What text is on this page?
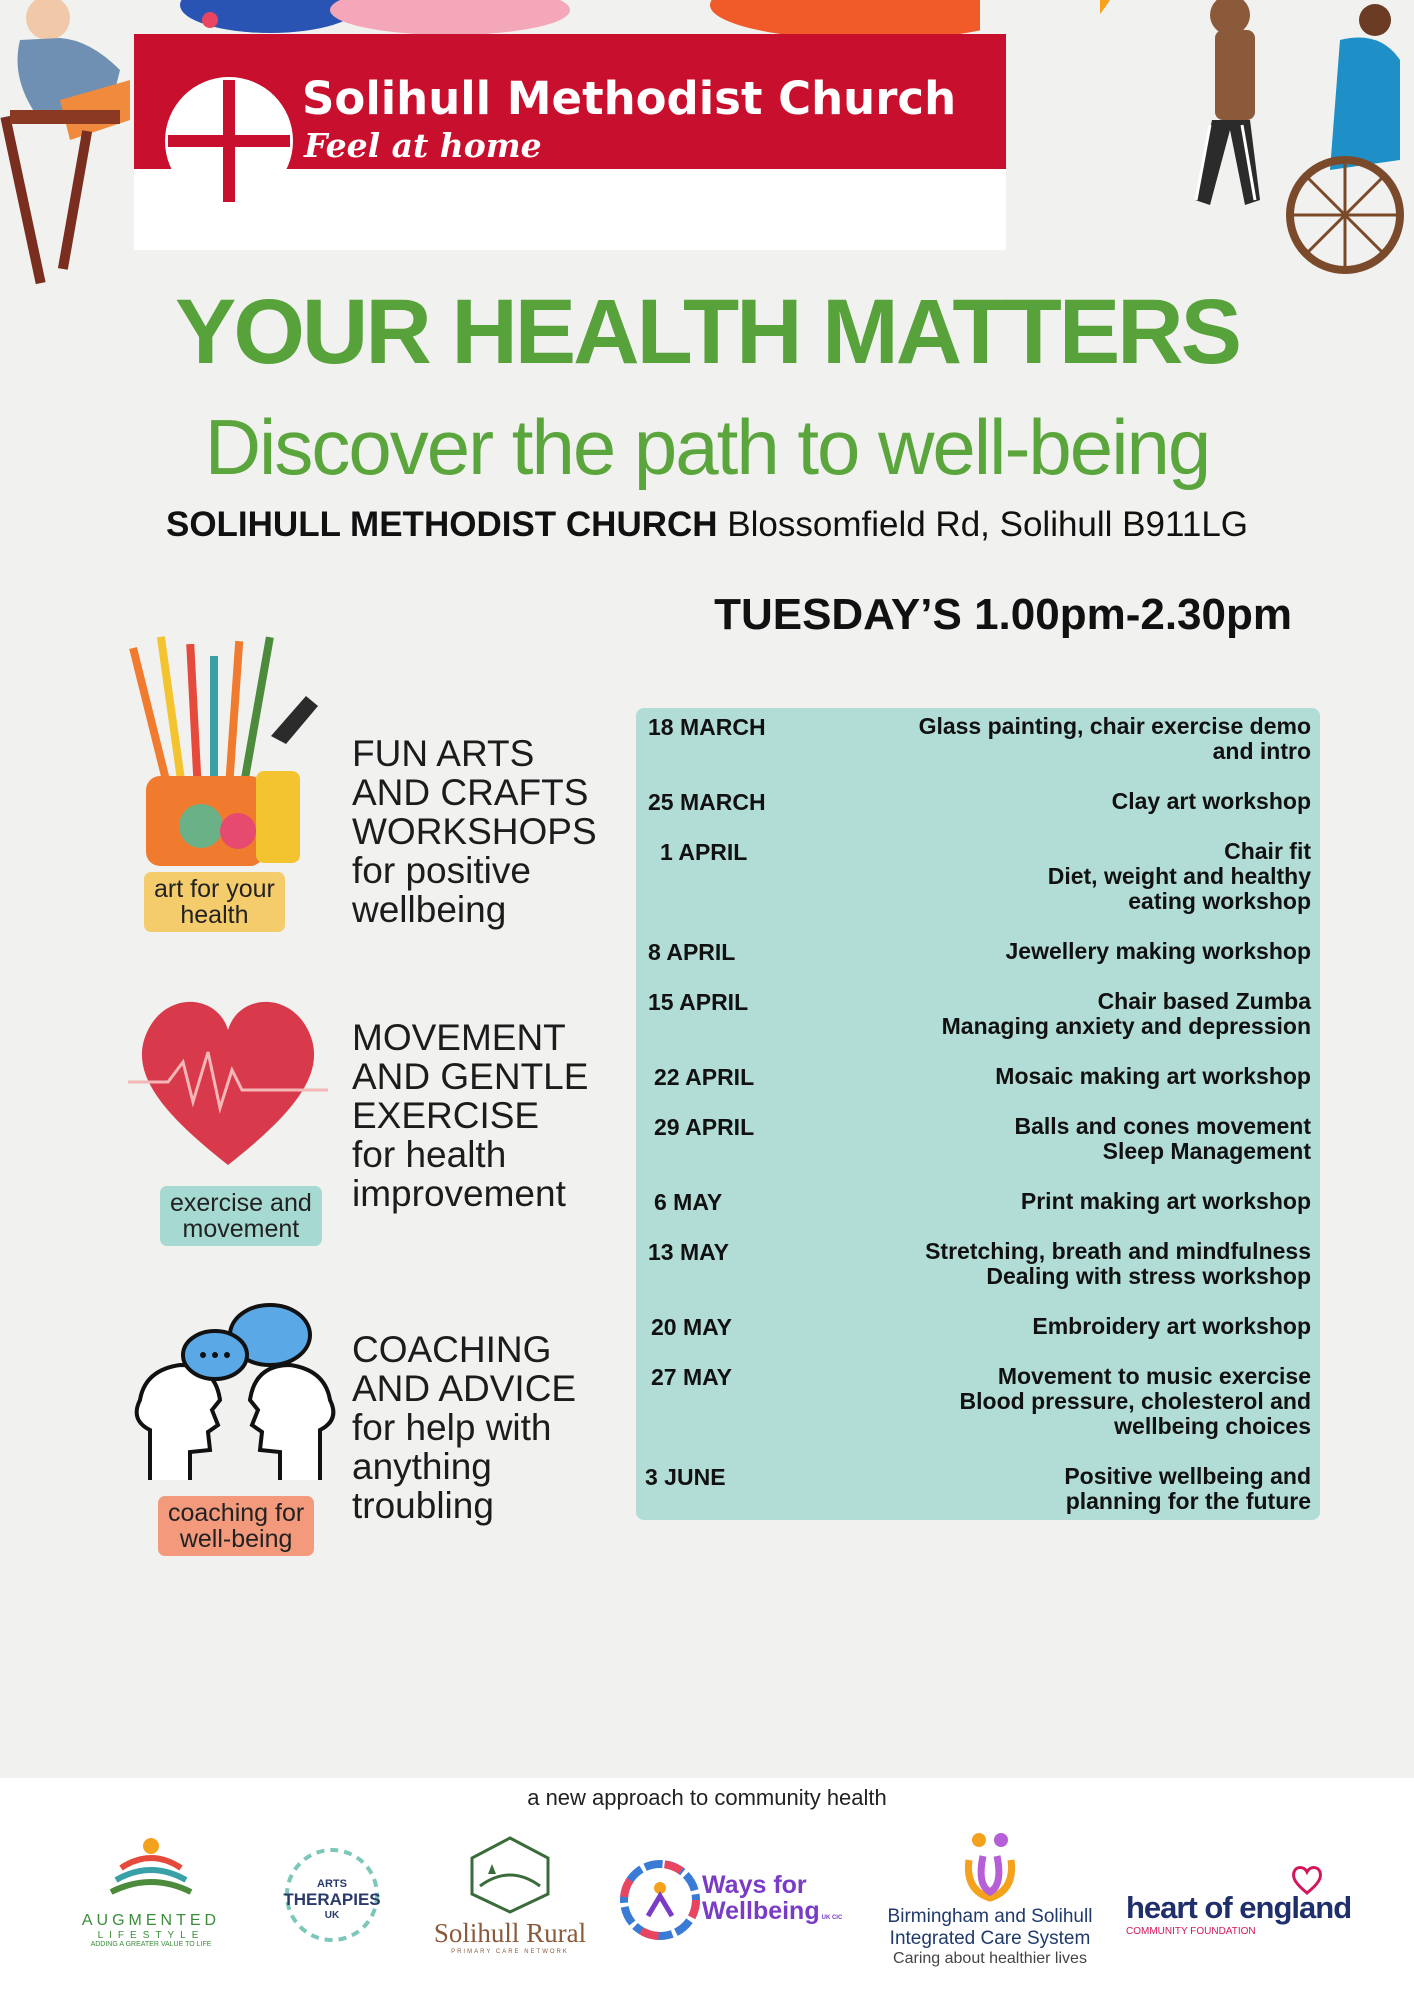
Solihull Methodist Church
Feel at home
YOUR HEALTH MATTERS
Discover the path to well-being
SOLIHULL METHODIST CHURCH Blossomfield Rd, Solihull B911LG
TUESDAY’S 1.00pm-2.30pm
art for your
health
FUN ARTS
AND CRAFTS
WORKSHOPS
for positive
wellbeing
exercise and
movement
MOVEMENT
AND GENTLE
EXERCISE
for health
improvement
coaching for
well-being
COACHING
AND ADVICE
for help with
anything
troubling
18 MARCH	Glass painting, chair exercise demo
and intro
25 MARCH	Clay art workshop
1 APRIL	Chair fit
Diet, weight and healthy
eating workshop
8 APRIL	Jewellery making workshop
15 APRIL	Chair based Zumba
Managing anxiety and depression
22 APRIL	Mosaic making art workshop
29 APRIL	Balls and cones movement
Sleep Management
6 MAY	Print making art workshop
13 MAY	Stretching, breath and mindfulness
Dealing with stress workshop
20 MAY	Embroidery art workshop
27 MAY	Movement to music exercise
Blood pressure, cholesterol and
wellbeing choices
3 JUNE	Positive wellbeing and
planning for the future
a new approach to community health
AUGMENTED
LIFESTYLE
ADDING A GREATER VALUE TO LIFE
ARTS
THERAPIES
UK
Solihull Rural
PRIMARY CARE NETWORK
Ways for
Wellbeing UK CIC	Birmingham and Solihull
Integrated Care System
Caring about healthier lives
heart of england
COMMUNITY FOUNDATION
